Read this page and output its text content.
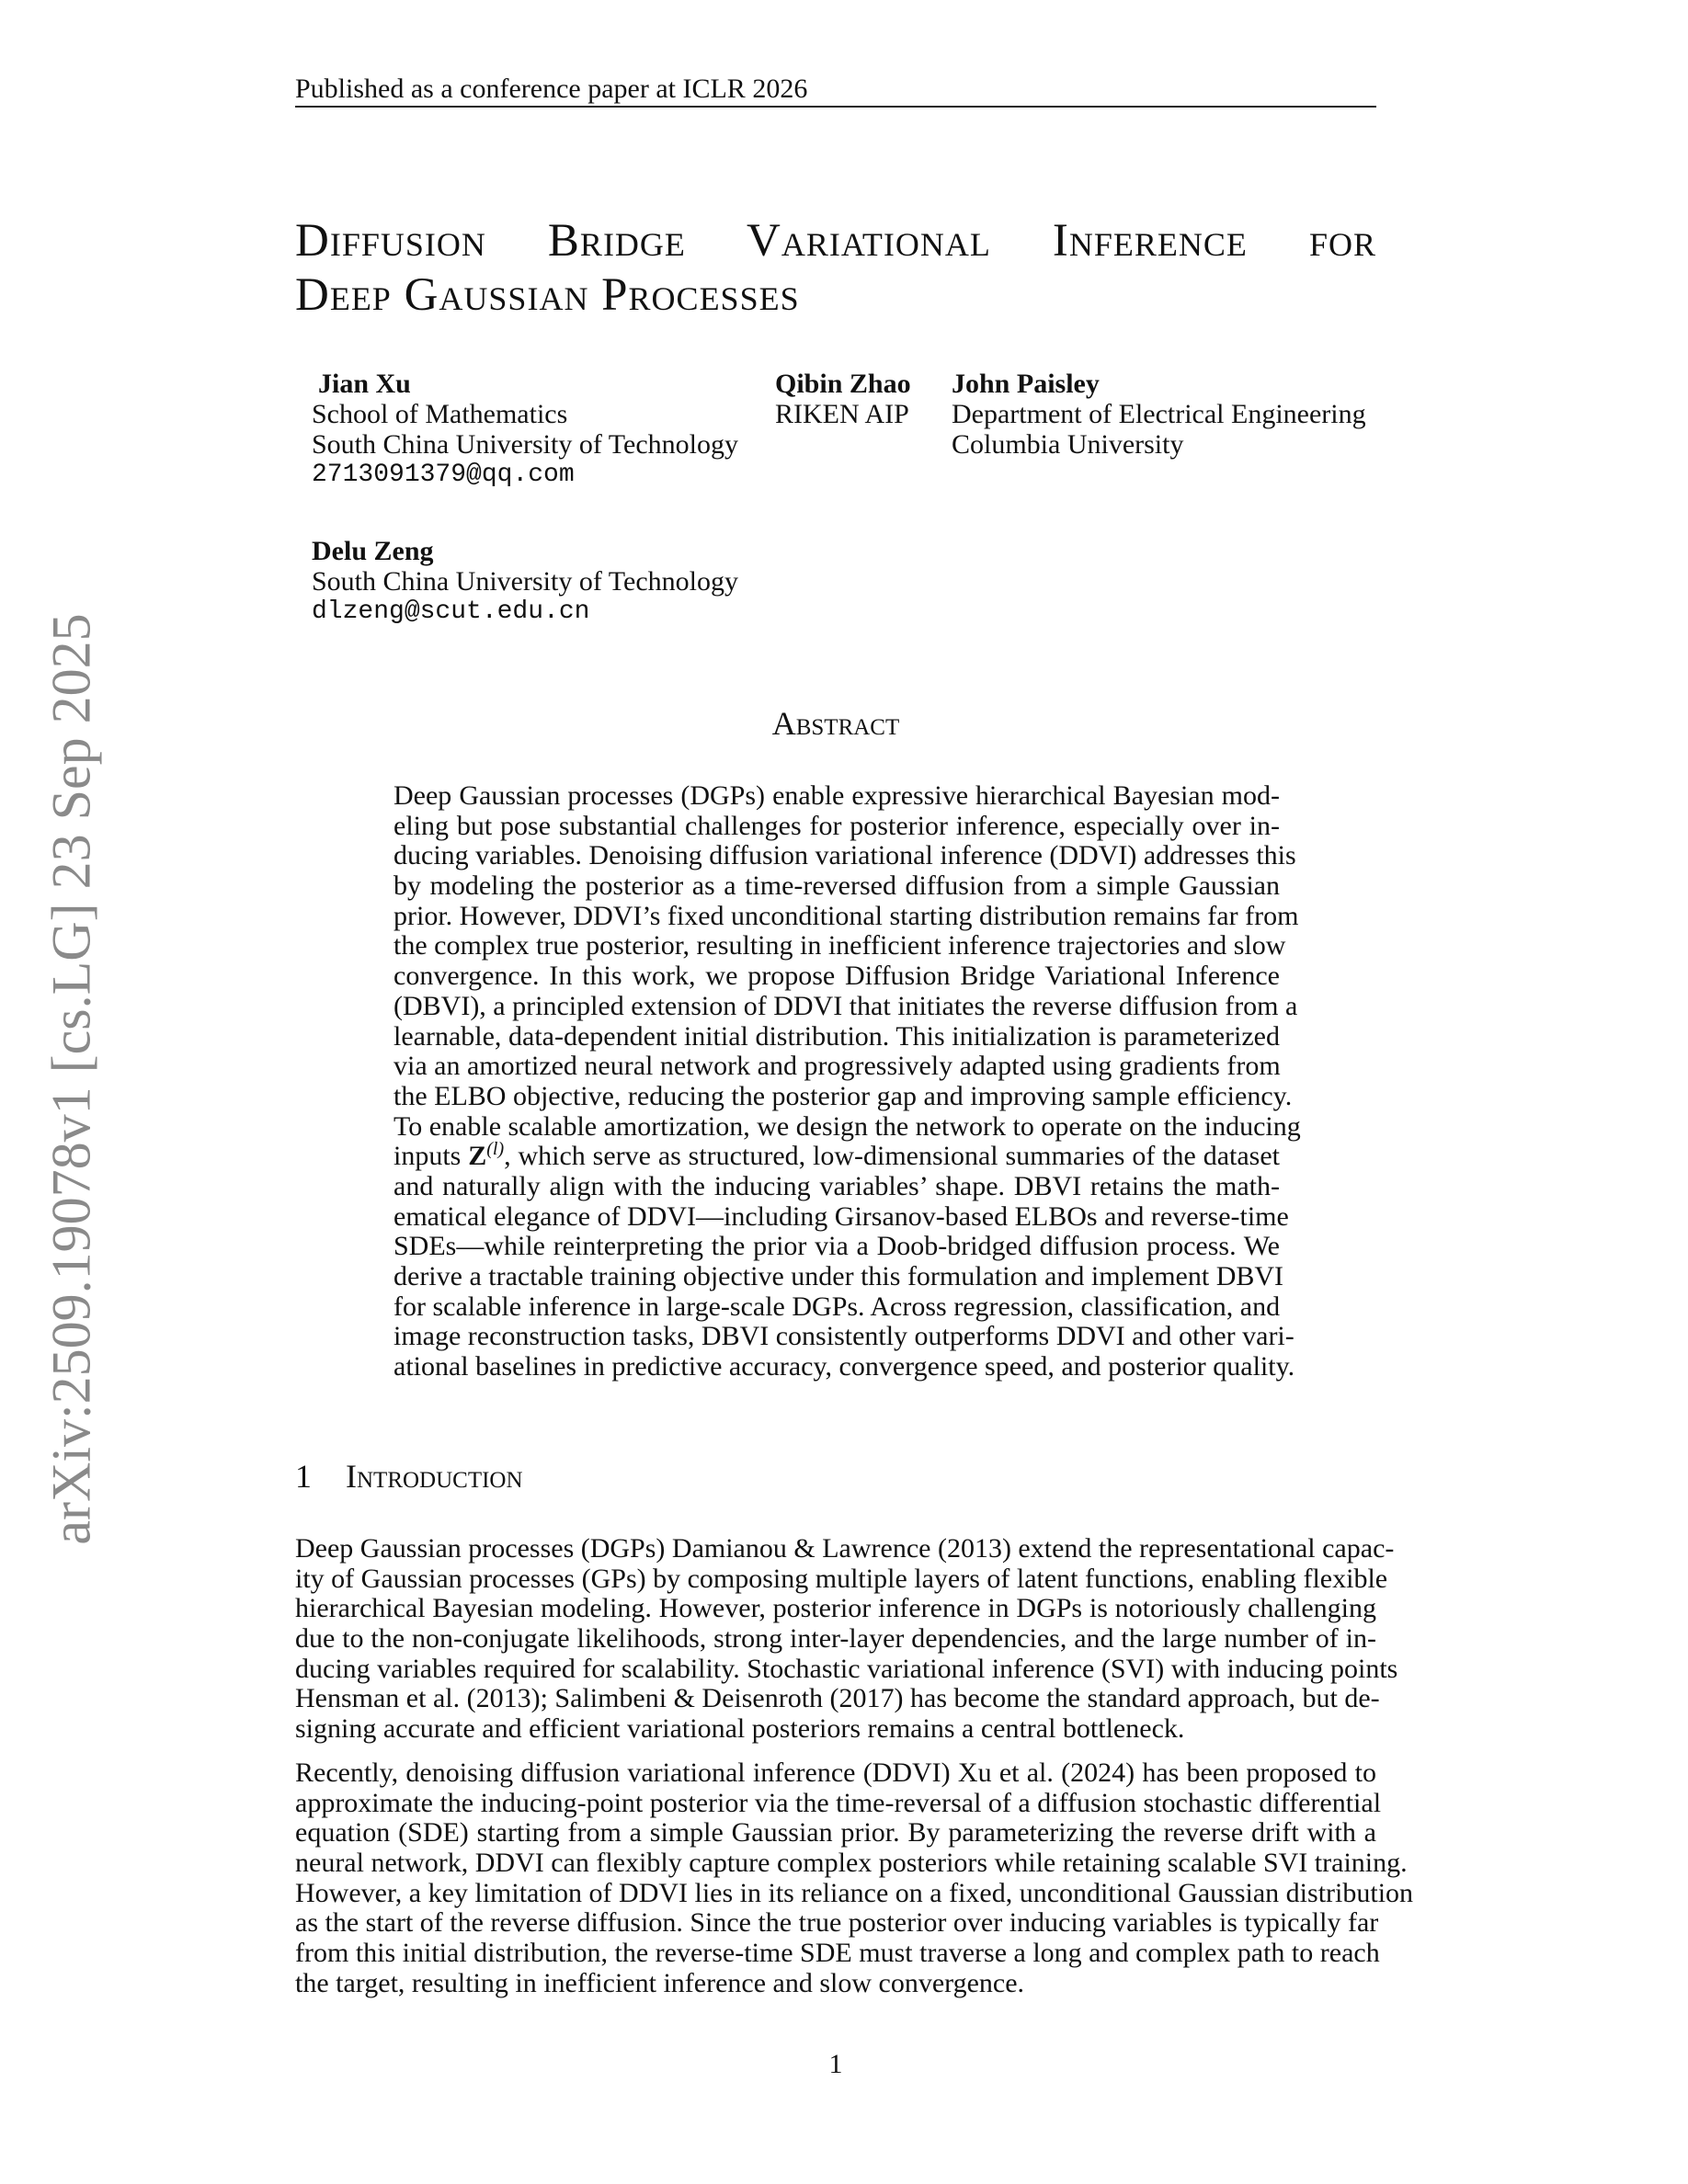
Published as a conference paper at ICLR 2026
Diffusion Bridge Variational Inference for
Deep Gaussian Processes
Jian Xu
School of Mathematics
South China University of Technology
2713091379@qq.com
Qibin Zhao
RIKEN AIP
John Paisley
Department of Electrical Engineering
Columbia University
Delu Zeng
South China University of Technology
dlzeng@scut.edu.cn
Abstract
Deep Gaussian processes (DGPs) enable expressive hierarchical Bayesian mod-
eling but pose substantial challenges for posterior inference, especially over in-
ducing variables. Denoising diffusion variational inference (DDVI) addresses this
by modeling the posterior as a time-reversed diffusion from a simple Gaussian
prior. However, DDVI’s fixed unconditional starting distribution remains far from
the complex true posterior, resulting in inefficient inference trajectories and slow
convergence. In this work, we propose Diffusion Bridge Variational Inference
(DBVI), a principled extension of DDVI that initiates the reverse diffusion from a
learnable, data-dependent initial distribution. This initialization is parameterized
via an amortized neural network and progressively adapted using gradients from
the ELBO objective, reducing the posterior gap and improving sample efficiency.
To enable scalable amortization, we design the network to operate on the inducing
inputs $Z^{(l)}$, which serve as structured, low-dimensional summaries of the dataset
and naturally align with the inducing variables’ shape. DBVI retains the math-
ematical elegance of DDVI—including Girsanov-based ELBOs and reverse-time
SDEs—while reinterpreting the prior via a Doob-bridged diffusion process. We
derive a tractable training objective under this formulation and implement DBVI
for scalable inference in large-scale DGPs. Across regression, classification, and
image reconstruction tasks, DBVI consistently outperforms DDVI and other vari-
ational baselines in predictive accuracy, convergence speed, and posterior quality.
1 Introduction
Deep Gaussian processes (DGPs) Damianou & Lawrence (2013) extend the representational capac-
ity of Gaussian processes (GPs) by composing multiple layers of latent functions, enabling flexible
hierarchical Bayesian modeling. However, posterior inference in DGPs is notoriously challenging
due to the non-conjugate likelihoods, strong inter-layer dependencies, and the large number of in-
ducing variables required for scalability. Stochastic variational inference (SVI) with inducing points
Hensman et al. (2013); Salimbeni & Deisenroth (2017) has become the standard approach, but de-
signing accurate and efficient variational posteriors remains a central bottleneck.
Recently, denoising diffusion variational inference (DDVI) Xu et al. (2024) has been proposed to
approximate the inducing-point posterior via the time-reversal of a diffusion stochastic differential
equation (SDE) starting from a simple Gaussian prior. By parameterizing the reverse drift with a
neural network, DDVI can flexibly capture complex posteriors while retaining scalable SVI training.
However, a key limitation of DDVI lies in its reliance on a fixed, unconditional Gaussian distribution
as the start of the reverse diffusion. Since the true posterior over inducing variables is typically far
from this initial distribution, the reverse-time SDE must traverse a long and complex path to reach
the target, resulting in inefficient inference and slow convergence.
1
arXiv:2509.19078v1 [cs.LG] 23 Sep 2025
